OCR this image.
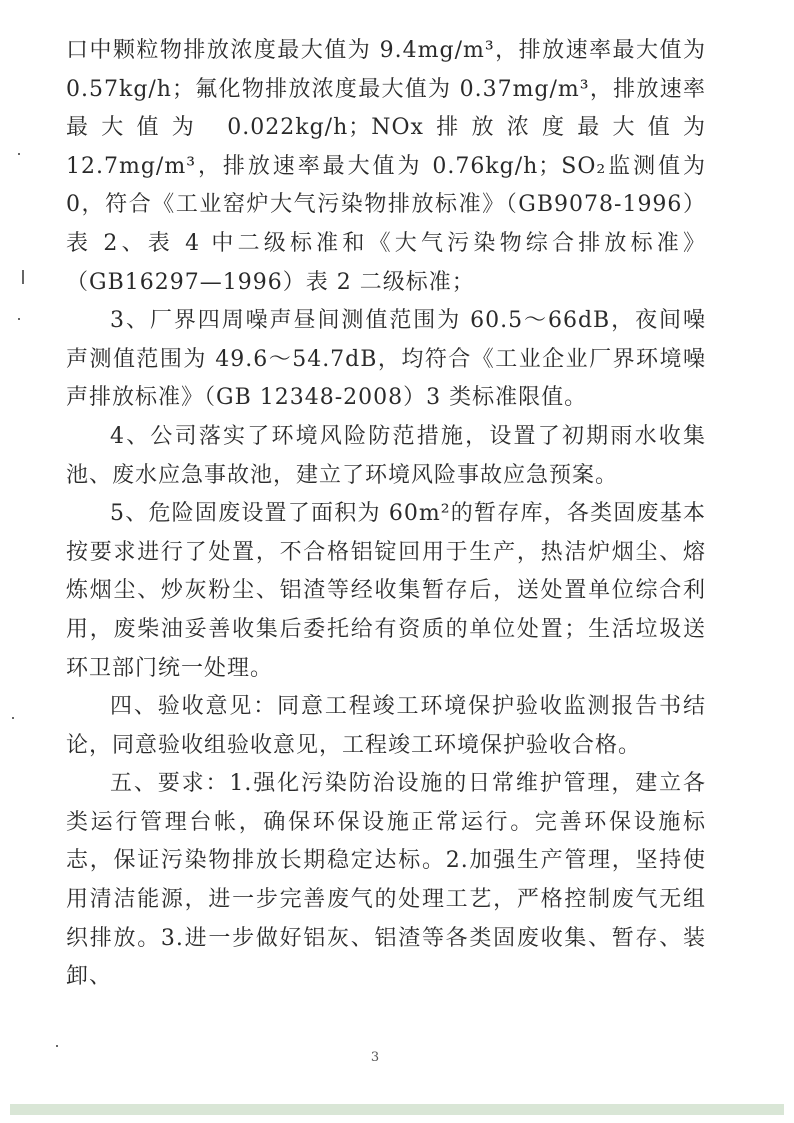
口中颗粒物排放浓度最大值为 9.4mg/m³，排放速率最大值为 0.57kg/h；氟化物排放浓度最大值为 0.37mg/m³，排放速率最大值为 0.022kg/h；NOx排放浓度最大值为 12.7mg/m³，排放速率最大值为 0.76kg/h；SO₂监测值为 0，符合《工业窑炉大气污染物排放标准》（GB9078-1996）表 2、表 4 中二级标准和《大气污染物综合排放标准》（GB16297—1996）表 2 二级标准；

3、厂界四周噪声昼间测值范围为 60.5～66dB，夜间噪声测值范围为 49.6～54.7dB，均符合《工业企业厂界环境噪声排放标准》（GB 12348-2008）3 类标准限值。

4、公司落实了环境风险防范措施，设置了初期雨水收集池、废水应急事故池，建立了环境风险事故应急预案。

5、危险固废设置了面积为 60m²的暂存库，各类固废基本按要求进行了处置，不合格铝锭回用于生产，热洁炉烟尘、熔炼烟尘、炒灰粉尘、铝渣等经收集暂存后，送处置单位综合利用，废柴油妥善收集后委托给有资质的单位处置；生活垃圾送环卫部门统一处理。

四、验收意见：同意工程竣工环境保护验收监测报告书结论，同意验收组验收意见，工程竣工环境保护验收合格。

五、要求：1.强化污染防治设施的日常维护管理，建立各类运行管理台帐，确保环保设施正常运行。完善环保设施标志，保证污染物排放长期稳定达标。2.加强生产管理，坚持使用清洁能源，进一步完善废气的处理工艺，严格控制废气无组织排放。3.进一步做好铝灰、铝渣等各类固废收集、暂存、装卸、

3
